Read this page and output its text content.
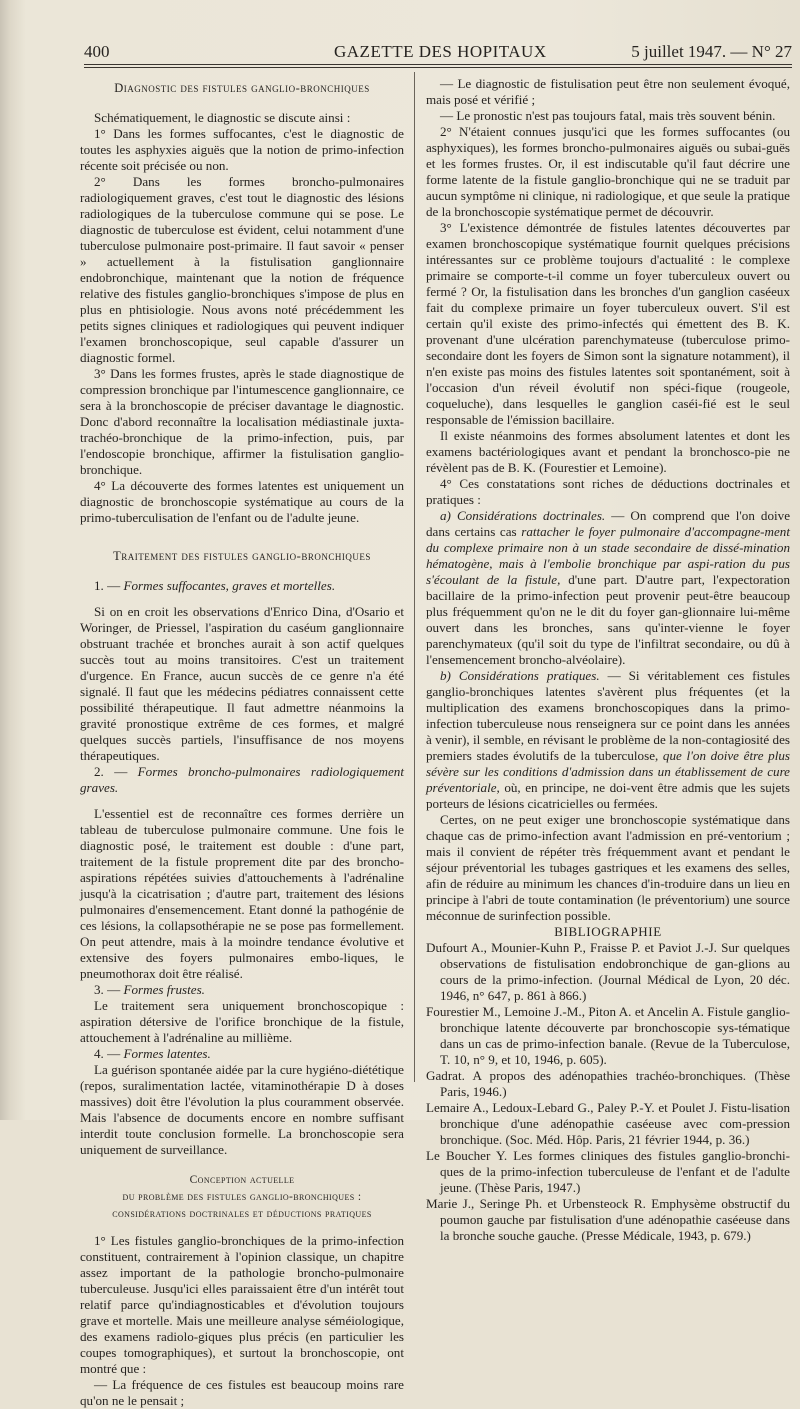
400	GAZETTE DES HOPITAUX	5 juillet 1947. — N° 27

Diagnostic des fistules ganglio-bronchiques

Schématiquement, le diagnostic se discute ainsi :

1° Dans les formes suffocantes, c'est le diagnostic de toutes les asphyxies aiguës que la notion de primo-infection récente soit précisée ou non.

2° Dans les formes broncho-pulmonaires radiologiquement graves, c'est tout le diagnostic des lésions radiologiques de la tuberculose commune qui se pose. Le diagnostic de tuberculose est évident, celui notamment d'une tuberculose pulmonaire post-primaire. Il faut savoir « penser » actuellement à la fistulisation ganglionnaire endobronchique, maintenant que la notion de fréquence relative des fistules ganglio-bronchiques s'impose de plus en plus en phtisiologie. Nous avons noté précédemment les petits signes cliniques et radiologiques qui peuvent indiquer l'examen bronchoscopique, seul capable d'assurer un diagnostic formel.

3° Dans les formes frustes, après le stade diagnostique de compression bronchique par l'intumescence ganglionnaire, ce sera à la bronchoscopie de préciser davantage le diagnostic. Donc d'abord reconnaître la localisation médiastinale juxta-trachéo-bronchique de la primo-infection, puis, par l'endoscopie bronchique, affirmer la fistulisation ganglio-bronchique.

4° La découverte des formes latentes est uniquement un diagnostic de bronchoscopie systématique au cours de la primo-tuberculisation de l'enfant ou de l'adulte jeune.

Traitement des fistules ganglio-bronchiques

1. — Formes suffocantes, graves et mortelles.

Si on en croit les observations d'Enrico Dina, d'Osario et Woringer, de Priessel, l'aspiration du caséum ganglionnaire obstruant trachée et bronches aurait à son actif quelques succès tout au moins transitoires. C'est un traitement d'urgence. En France, aucun succès de ce genre n'a été signalé. Il faut que les médecins pédiatres connaissent cette possibilité thérapeutique. Il faut admettre néanmoins la gravité pronostique extrême de ces formes, et malgré quelques succès partiels, l'insuffisance de nos moyens thérapeutiques.

2. — Formes broncho-pulmonaires radiologiquement graves.

L'essentiel est de reconnaître ces formes derrière un tableau de tuberculose pulmonaire commune. Une fois le diagnostic posé, le traitement est double : d'une part, traitement de la fistule proprement dite par des broncho-aspirations répétées suivies d'attouchements à l'adrénaline jusqu'à la cicatrisation ; d'autre part, traitement des lésions pulmonaires d'ensemencement. Etant donné la pathogénie de ces lésions, la collapsothérapie ne se pose pas formellement. On peut attendre, mais à la moindre tendance évolutive et extensive des foyers pulmonaires embo-liques, le pneumothorax doit être réalisé.

3. — Formes frustes.

Le traitement sera uniquement bronchoscopique : aspiration détersive de l'orifice bronchique de la fistule, attouchement à l'adrénaline au millième.

4. — Formes latentes.

La guérison spontanée aidée par la cure hygiéno-diététique (repos, suralimentation lactée, vitaminothérapie D à doses massives) doit être l'évolution la plus couramment observée. Mais l'absence de documents encore en nombre suffisant interdit toute conclusion formelle. La bronchoscopie sera uniquement de surveillance.

Conception actuelle
du problème des fistules ganglio-bronchiques :
considérations doctrinales et déductions pratiques

1° Les fistules ganglio-bronchiques de la primo-infection constituent, contrairement à l'opinion classique, un chapitre assez important de la pathologie broncho-pulmonaire tuberculeuse. Jusqu'ici elles paraissaient être d'un intérêt tout relatif parce qu'indiagnosticables et d'évolution toujours grave et mortelle. Mais une meilleure analyse séméiologique, des examens radiolo-giques plus précis (en particulier les coupes tomographiques), et surtout la bronchoscopie, ont montré que :

— La fréquence de ces fistules est beaucoup moins rare qu'on ne le pensait ;

— Le diagnostic de fistulisation peut être non seulement évoqué, mais posé et vérifié ;

— Le pronostic n'est pas toujours fatal, mais très souvent bénin.

2° N'étaient connues jusqu'ici que les formes suffocantes (ou asphyxiques), les formes broncho-pulmonaires aiguës ou subai-guës et les formes frustes. Or, il est indiscutable qu'il faut décrire une forme latente de la fistule ganglio-bronchique qui ne se traduit par aucun symptôme ni clinique, ni radiologique, et que seule la pratique de la bronchoscopie systématique permet de découvrir.

3° L'existence démontrée de fistules latentes découvertes par examen bronchoscopique systématique fournit quelques précisions intéressantes sur ce problème toujours d'actualité : le complexe primaire se comporte-t-il comme un foyer tuberculeux ouvert ou fermé ? Or, la fistulisation dans les bronches d'un ganglion caséeux fait du complexe primaire un foyer tuberculeux ouvert. S'il est certain qu'il existe des primo-infectés qui émettent des B. K. provenant d'une ulcération parenchymateuse (tuberculose primo-secondaire dont les foyers de Simon sont la signature notamment), il n'en existe pas moins des fistules latentes soit spontanément, soit à l'occasion d'un réveil évolutif non spéci-fique (rougeole, coqueluche), dans lesquelles le ganglion caséi-fié est le seul responsable de l'émission bacillaire.

Il existe néanmoins des formes absolument latentes et dont les examens bactériologiques avant et pendant la bronchosco-pie ne révèlent pas de B. K. (Fourestier et Lemoine).

4° Ces constatations sont riches de déductions doctrinales et pratiques :

a) Considérations doctrinales. — On comprend que l'on doive dans certains cas rattacher le foyer pulmonaire d'accompagne-ment du complexe primaire non à un stade secondaire de dissé-mination hématogène, mais à l'embolie bronchique par aspi-ration du pus s'écoulant de la fistule, d'une part. D'autre part, l'expectoration bacillaire de la primo-infection peut provenir peut-être beaucoup plus fréquemment qu'on ne le dit du foyer gan-glionnaire lui-même ouvert dans les bronches, sans qu'inter-vienne le foyer parenchymateux (qu'il soit du type de l'infiltrat secondaire, ou dû à l'ensemencement broncho-alvéolaire).

b) Considérations pratiques. — Si véritablement ces fistules ganglio-bronchiques latentes s'avèrent plus fréquentes (et la multiplication des examens bronchoscopiques dans la primo-infection tuberculeuse nous renseignera sur ce point dans les années à venir), il semble, en révisant le problème de la non-contagiosité des premiers stades évolutifs de la tuberculose, que l'on doive être plus sévère sur les conditions d'admission dans un établissement de cure préventoriale, où, en principe, ne doi-vent être admis que les sujets porteurs de lésions cicatricielles ou fermées.

Certes, on ne peut exiger une bronchoscopie systématique dans chaque cas de primo-infection avant l'admission en pré-ventorium ; mais il convient de répéter très fréquemment avant et pendant le séjour préventorial les tubages gastriques et les examens des selles, afin de réduire au minimum les chances d'in-troduire dans un lieu en principe à l'abri de toute contamination (le préventorium) une source méconnue de surinfection possible.

BIBLIOGRAPHIE

Dufourt A., Mounier-Kuhn P., Fraisse P. et Paviot J.-J. Sur quelques observations de fistulisation endobronchique de gan-glions au cours de la primo-infection. (Journal Médical de Lyon, 20 déc. 1946, n° 647, p. 861 à 866.)

Fourestier M., Lemoine J.-M., Piton A. et Ancelin A. Fistule ganglio-bronchique latente découverte par bronchoscopie sys-tématique dans un cas de primo-infection banale. (Revue de la Tuberculose, T. 10, n° 9, et 10, 1946, p. 605).

Gadrat. A propos des adénopathies trachéo-bronchiques. (Thèse Paris, 1946.)

Lemaire A., Ledoux-Lebard G., Paley P.-Y. et Poulet J. Fistu-lisation bronchique d'une adénopathie caséeuse avec com-pression bronchique. (Soc. Méd. Hôp. Paris, 21 février 1944, p. 36.)

Le Boucher Y. Les formes cliniques des fistules ganglio-bronchi-ques de la primo-infection tuberculeuse de l'enfant et de l'adulte jeune. (Thèse Paris, 1947.)

Marie J., Seringe Ph. et Urbensteock R. Emphysème obstructif du poumon gauche par fistulisation d'une adénopathie caséeuse dans la bronche souche gauche. (Presse Médicale, 1943, p. 679.)
